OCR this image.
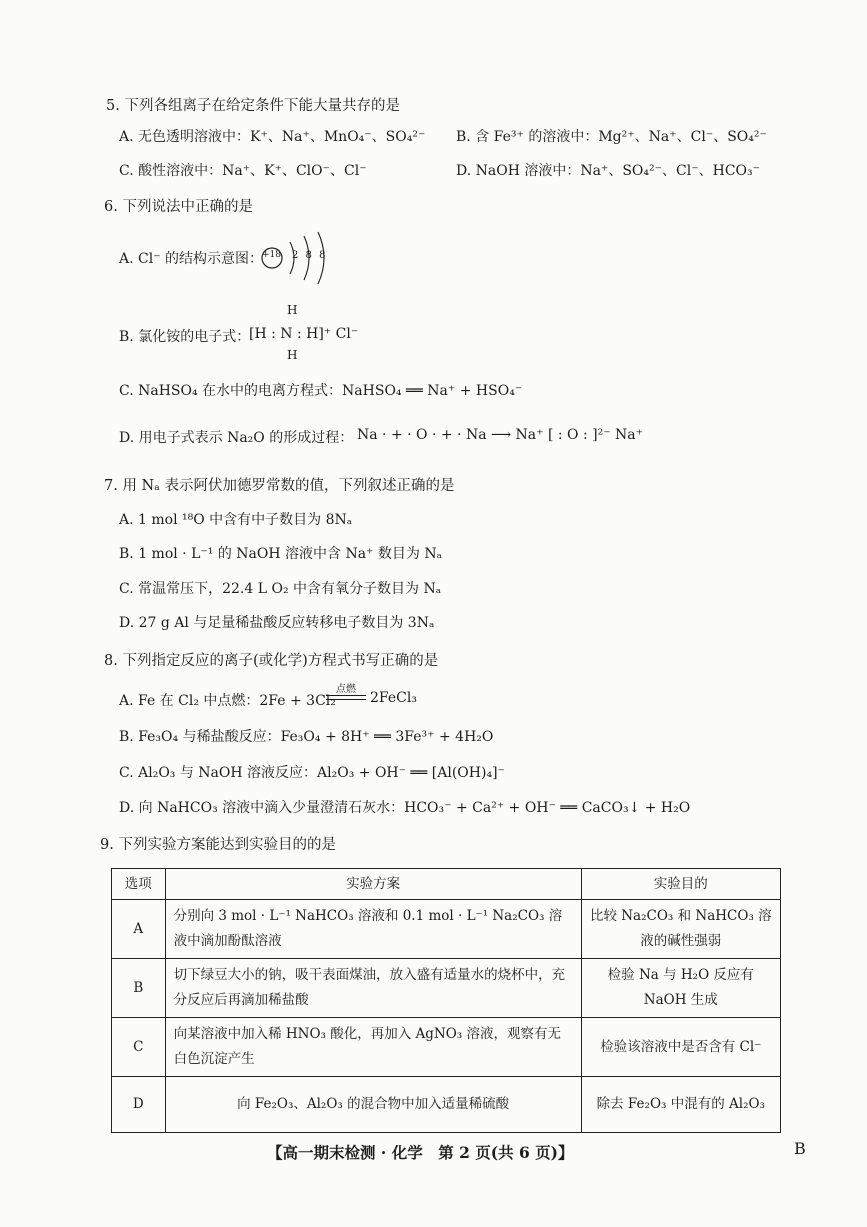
5. 下列各组离子在给定条件下能大量共存的是
A. 无色透明溶液中：K⁺、Na⁺、MnO₄⁻、SO₄²⁻ B. 含 Fe³⁺ 的溶液中：Mg²⁺、Na⁺、Cl⁻、SO₄²⁻
C. 酸性溶液中：Na⁺、K⁺、ClO⁻、Cl⁻	D. NaOH 溶液中：Na⁺、SO₄²⁻、Cl⁻、HCO₃⁻
6. 下列说法中正确的是
A. Cl⁻ 的结构示意图：
+18 2 8 8
H
B. 氯化铵的电子式：
[H : N : H]⁺ Cl⁻
H
C. NaHSO₄ 在水中的电离方程式：NaHSO₄ ══ Na⁺ + HSO₄⁻
D. 用电子式表示 Na₂O 的形成过程： Na · + · O · + · Na ⟶ Na⁺ [ : O : ]²⁻ Na⁺
7. 用 Nₐ 表示阿伏加德罗常数的值，下列叙述正确的是
A. 1 mol ¹⁸O 中含有中子数目为 8Nₐ
B. 1 mol · L⁻¹ 的 NaOH 溶液中含 Na⁺ 数目为 Nₐ
C. 常温常压下，22.4 L O₂ 中含有氧分子数目为 Nₐ
D. 27 g Al 与足量稀盐酸反应转移电子数目为 3Nₐ
8. 下列指定反应的离子(或化学)方程式书写正确的是
A. Fe 在 Cl₂ 中点燃：2Fe + 3Cl₂
点燃
2FeCl₃
B. Fe₃O₄ 与稀盐酸反应：Fe₃O₄ + 8H⁺ ══ 3Fe³⁺ + 4H₂O
C. Al₂O₃ 与 NaOH 溶液反应：Al₂O₃ + OH⁻ ══ [Al(OH)₄]⁻
D. 向 NaHCO₃ 溶液中滴入少量澄清石灰水：HCO₃⁻ + Ca²⁺ + OH⁻ ══ CaCO₃↓ + H₂O
9. 下列实验方案能达到实验目的的是
选项	实验方案	实验目的
A	分别向 3 mol · L⁻¹ NaHCO₃ 溶液和 0.1 mol · L⁻¹ Na₂CO₃ 溶液中滴加酚酞溶液	比较 Na₂CO₃ 和 NaHCO₃ 溶液的碱性强弱
B	切下绿豆大小的钠，吸干表面煤油，放入盛有适量水的烧杯中，充分反应后再滴加稀盐酸	检验 Na 与 H₂O 反应有 NaOH 生成
C	向某溶液中加入稀 HNO₃ 酸化，再加入 AgNO₃ 溶液，观察有无白色沉淀产生	检验该溶液中是否含有 Cl⁻
D	向 Fe₂O₃、Al₂O₃ 的混合物中加入适量稀硫酸	除去 Fe₂O₃ 中混有的 Al₂O₃
【高一期末检测 · 化学　第 2 页(共 6 页)】	B
